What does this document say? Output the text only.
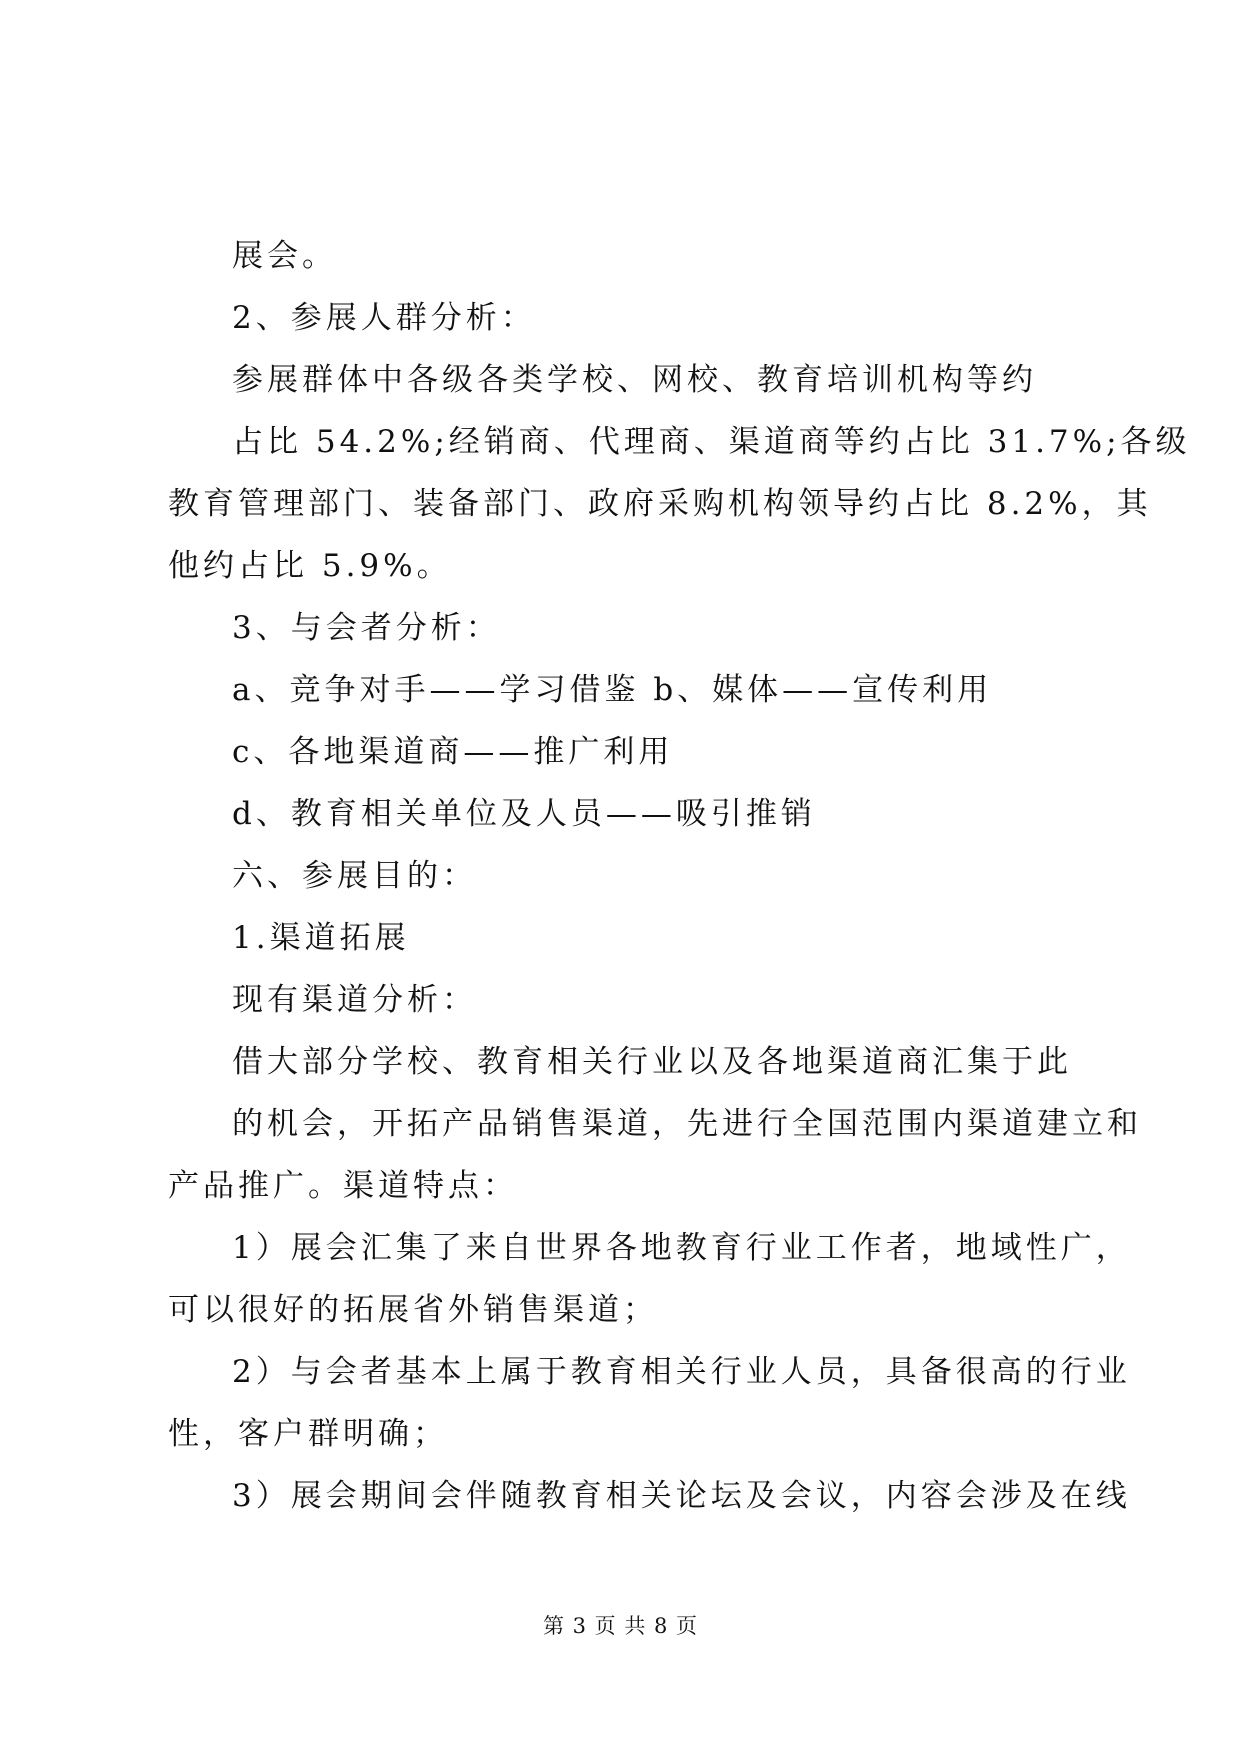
展会。
2、参展人群分析：
参展群体中各级各类学校、网校、教育培训机构等约
占比 54.2%;经销商、代理商、渠道商等约占比 31.7%;各级
教育管理部门、装备部门、政府采购机构领导约占比 8.2%，其
他约占比 5.9%。
3、与会者分析：
a、竞争对手——学习借鉴 b、媒体——宣传利用
c、各地渠道商——推广利用
d、教育相关单位及人员——吸引推销
六、参展目的：
1.渠道拓展
现有渠道分析：
借大部分学校、教育相关行业以及各地渠道商汇集于此
的机会，开拓产品销售渠道，先进行全国范围内渠道建立和
产品推广。渠道特点：
1）展会汇集了来自世界各地教育行业工作者，地域性广，
可以很好的拓展省外销售渠道；
2）与会者基本上属于教育相关行业人员，具备很高的行业
性，客户群明确；
3）展会期间会伴随教育相关论坛及会议，内容会涉及在线
第 3 页 共 8 页
